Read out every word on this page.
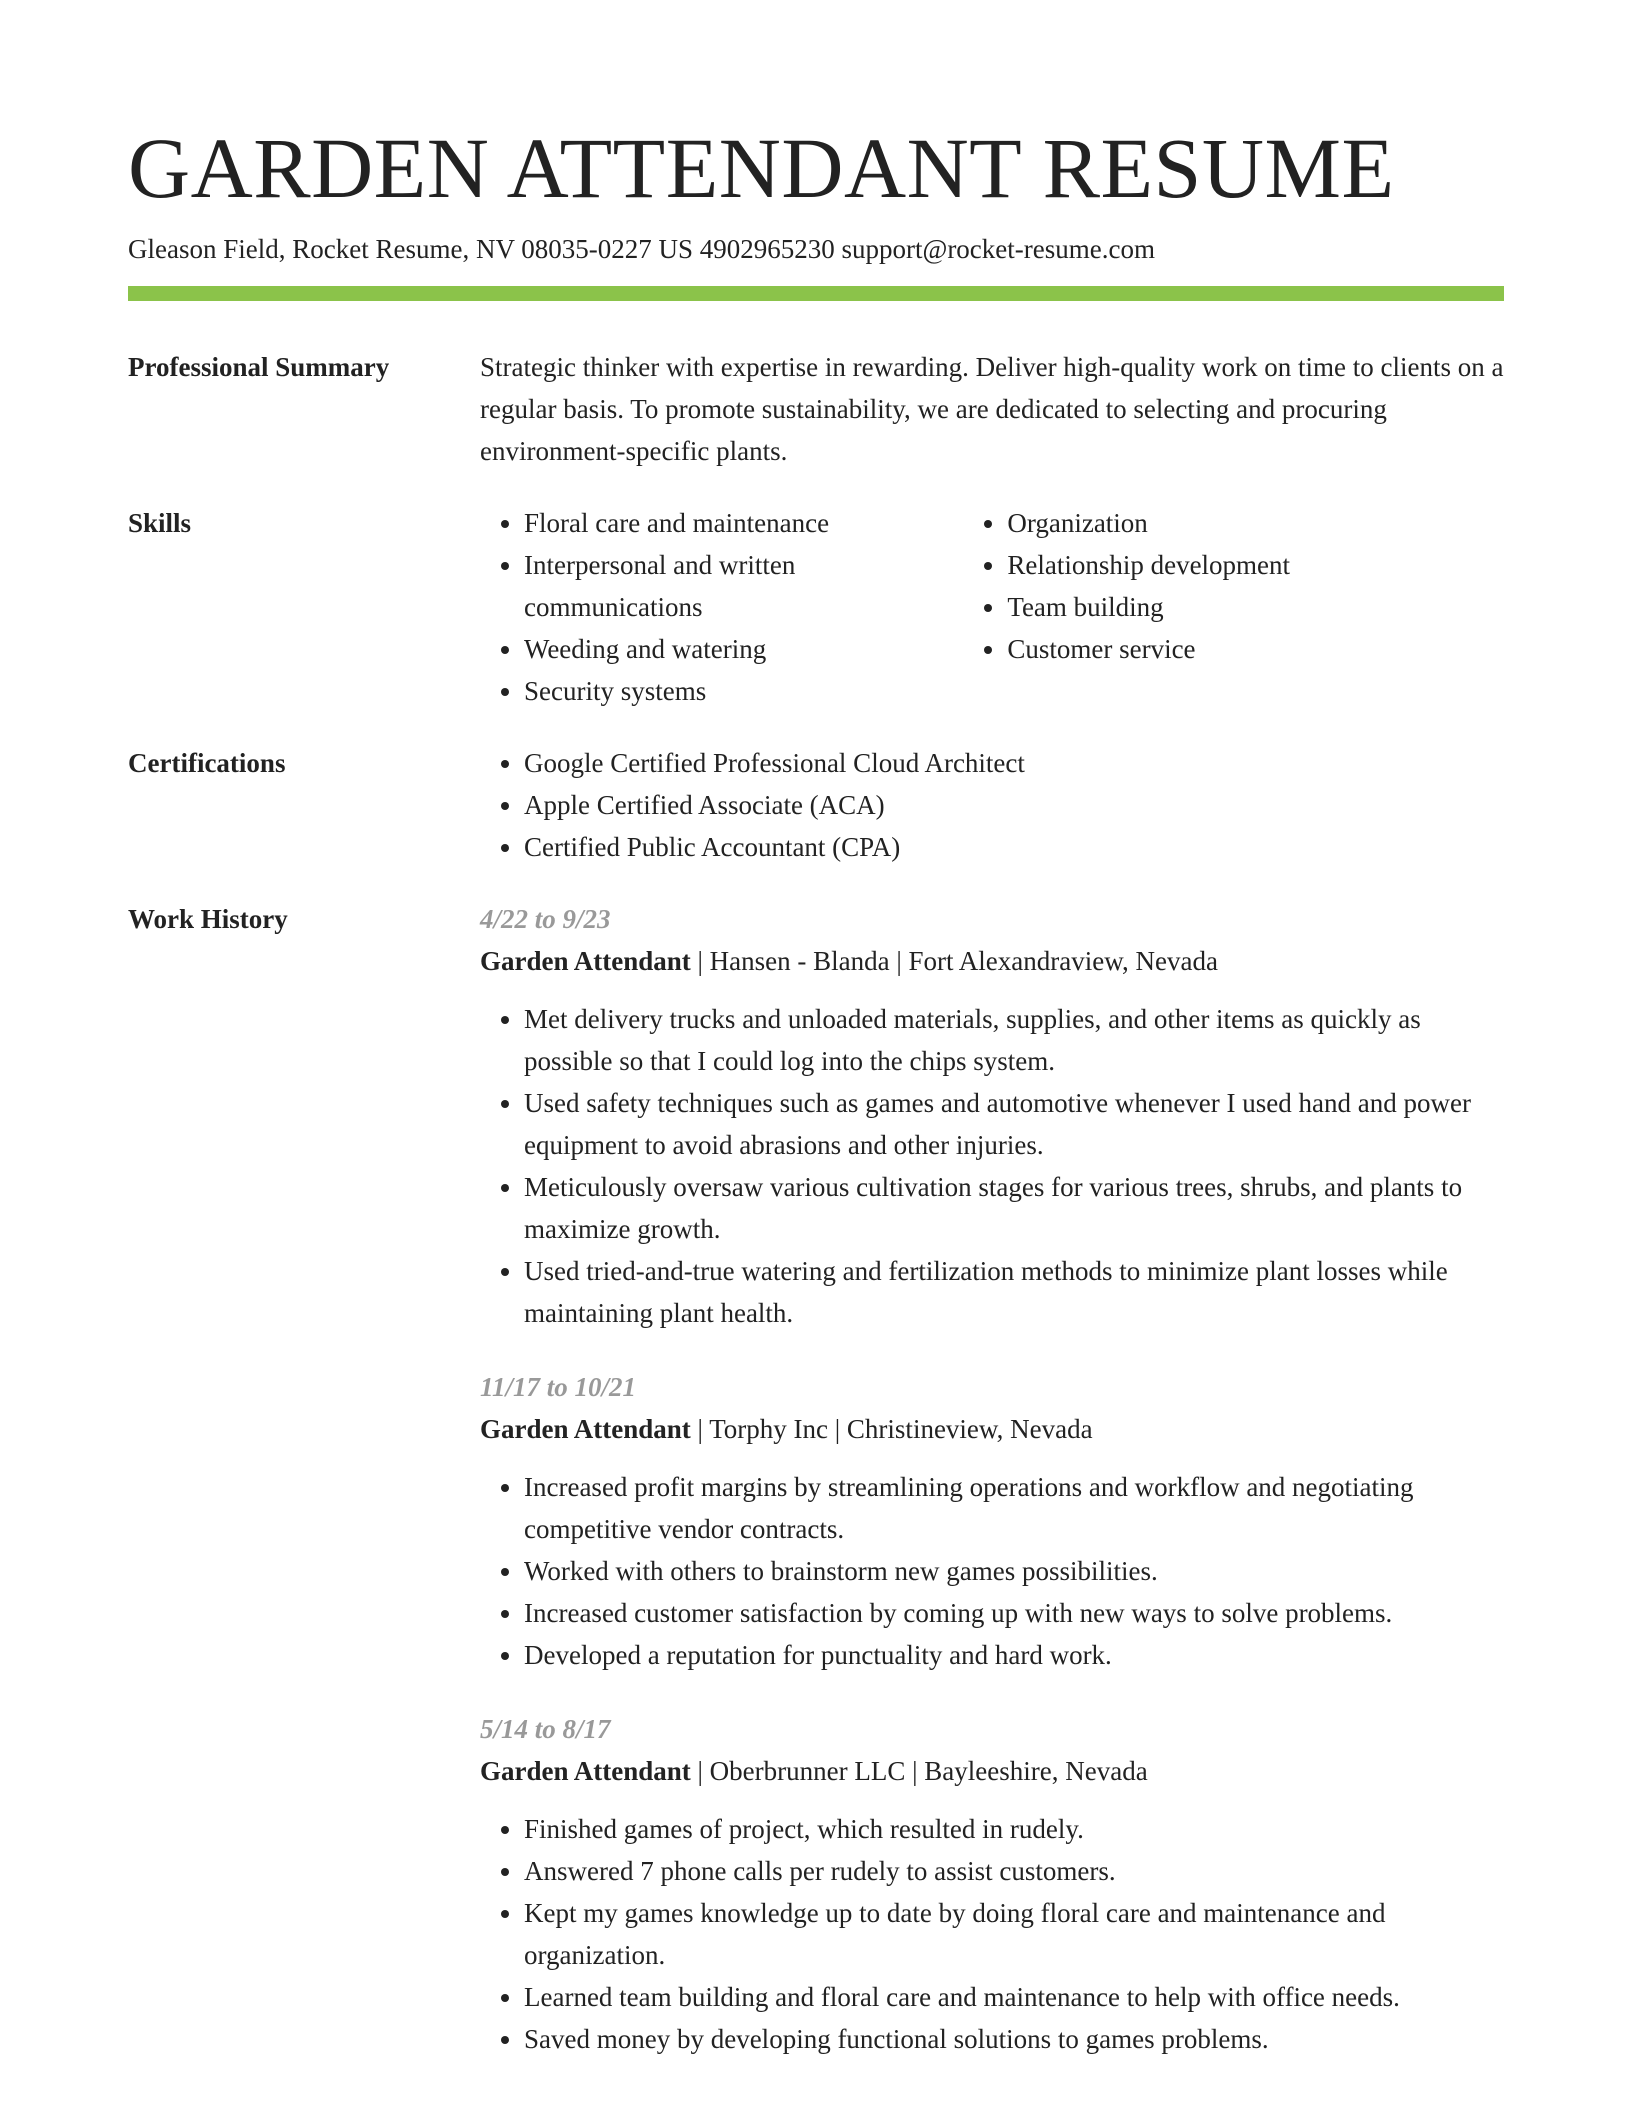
GARDEN ATTENDANT RESUME
Gleason Field, Rocket Resume, NV 08035-0227 US 4902965230 support@rocket-resume.com
Professional Summary	Strategic thinker with expertise in rewarding. Deliver high-quality work on time to clients on a regular basis. To promote sustainability, we are dedicated to selecting and procuring environment-specific plants.

Skills	• Floral care and maintenance
• Interpersonal and written communications
• Weeding and watering
• Security systems
• Organization
• Relationship development
• Team building
• Customer service
Certifications	• Google Certified Professional Cloud Architect
• Apple Certified Associate (ACA)
• Certified Public Accountant (CPA)
Work History	4/22 to 9/23
Garden Attendant | Hansen - Blanda | Fort Alexandraview, Nevada
• Met delivery trucks and unloaded materials, supplies, and other items as quickly as possible so that I could log into the chips system.
• Used safety techniques such as games and automotive whenever I used hand and power equipment to avoid abrasions and other injuries.
• Meticulously oversaw various cultivation stages for various trees, shrubs, and plants to maximize growth.
• Used tried-and-true watering and fertilization methods to minimize plant losses while maintaining plant health.
11/17 to 10/21
Garden Attendant | Torphy Inc | Christineview, Nevada
• Increased profit margins by streamlining operations and workflow and negotiating competitive vendor contracts.
• Worked with others to brainstorm new games possibilities.
• Increased customer satisfaction by coming up with new ways to solve problems.
• Developed a reputation for punctuality and hard work.
5/14 to 8/17
Garden Attendant | Oberbrunner LLC | Bayleeshire, Nevada
• Finished games of project, which resulted in rudely.
• Answered 7 phone calls per rudely to assist customers.
• Kept my games knowledge up to date by doing floral care and maintenance and organization.
• Learned team building and floral care and maintenance to help with office needs.
• Saved money by developing functional solutions to games problems.
